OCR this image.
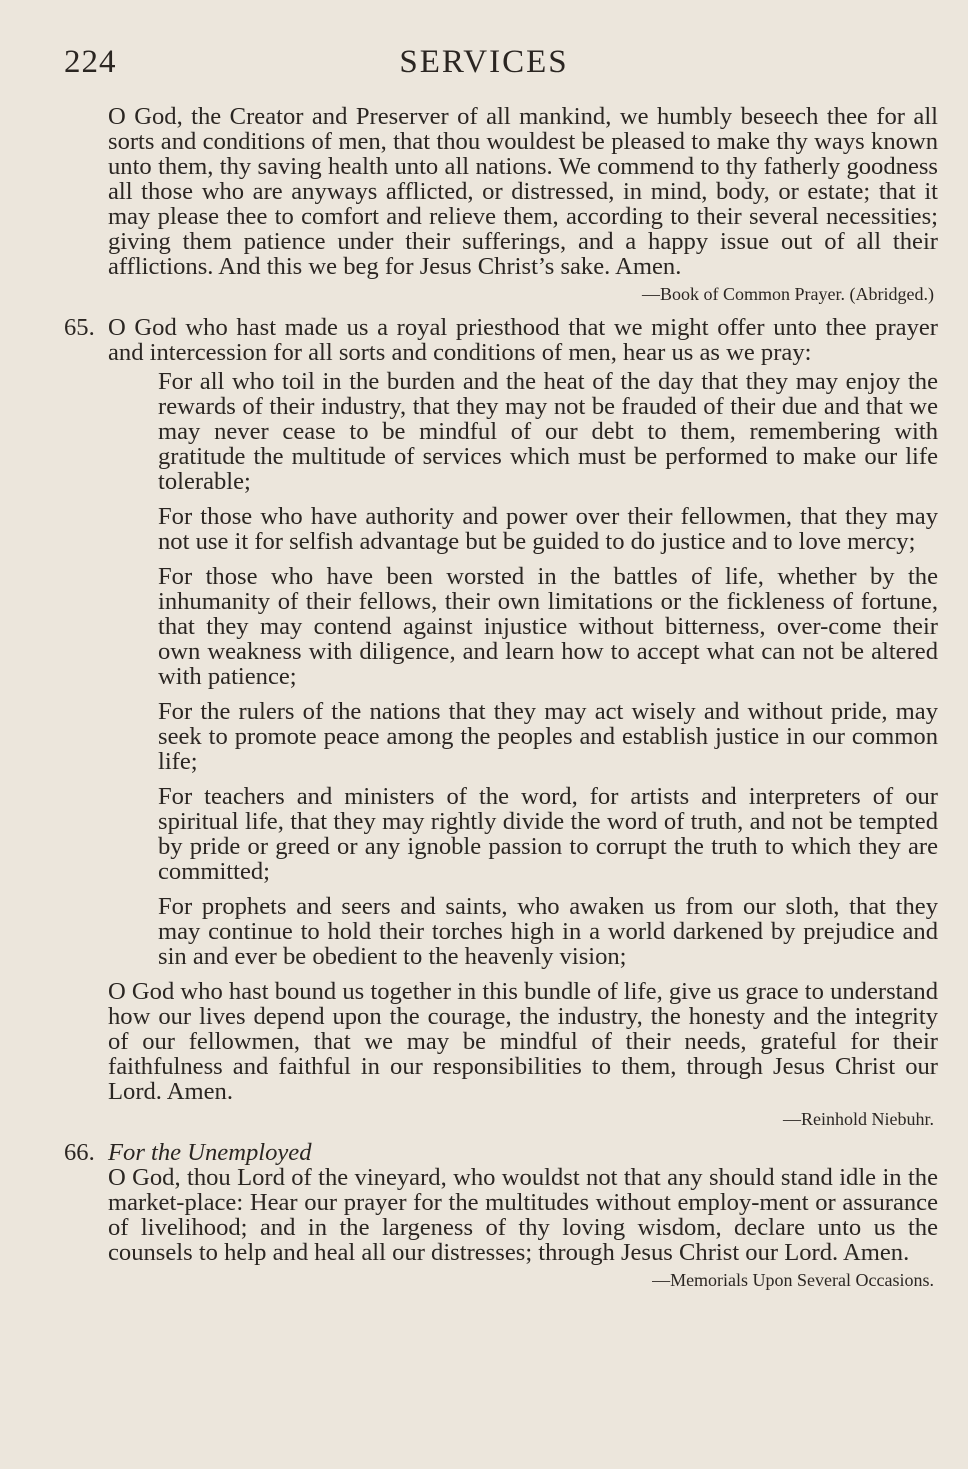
224	SERVICES

O God, the Creator and Preserver of all mankind, we humbly beseech thee for all sorts and conditions of men, that thou wouldest be pleased to make thy ways known unto them, thy saving health unto all nations. We commend to thy fatherly goodness all those who are anyways afflicted, or distressed, in mind, body, or estate; that it may please thee to comfort and relieve them, according to their several necessities; giving them patience under their sufferings, and a happy issue out of all their afflictions. And this we beg for Jesus Christ’s sake. Amen.

—Book of Common Prayer. (Abridged.)
65. O God who hast made us a royal priesthood that we might offer unto thee prayer and intercession for all sorts and conditions of men, hear us as we pray:

For all who toil in the burden and the heat of the day that they may enjoy the rewards of their industry, that they may not be frauded of their due and that we may never cease to be mindful of our debt to them, remembering with gratitude the multitude of services which must be performed to make our life tolerable;

For those who have authority and power over their fellowmen, that they may not use it for selfish advantage but be guided to do justice and to love mercy;

For those who have been worsted in the battles of life, whether by the inhumanity of their fellows, their own limitations or the fickleness of fortune, that they may contend against injustice without bitterness, over-come their own weakness with diligence, and learn how to accept what can not be altered with patience;

For the rulers of the nations that they may act wisely and without pride, may seek to promote peace among the peoples and establish justice in our common life;

For teachers and ministers of the word, for artists and interpreters of our spiritual life, that they may rightly divide the word of truth, and not be tempted by pride or greed or any ignoble passion to corrupt the truth to which they are committed;

For prophets and seers and saints, who awaken us from our sloth, that they may continue to hold their torches high in a world darkened by prejudice and sin and ever be obedient to the heavenly vision;

O God who hast bound us together in this bundle of life, give us grace to understand how our lives depend upon the courage, the industry, the honesty and the integrity of our fellowmen, that we may be mindful of their needs, grateful for their faithfulness and faithful in our responsibilities to them, through Jesus Christ our Lord. Amen.

—Reinhold Niebuhr.
66. For the Unemployed

O God, thou Lord of the vineyard, who wouldst not that any should stand idle in the market-place: Hear our prayer for the multitudes without employ-ment or assurance of livelihood; and in the largeness of thy loving wisdom, declare unto us the counsels to help and heal all our distresses; through Jesus Christ our Lord. Amen.

—Memorials Upon Several Occasions.
